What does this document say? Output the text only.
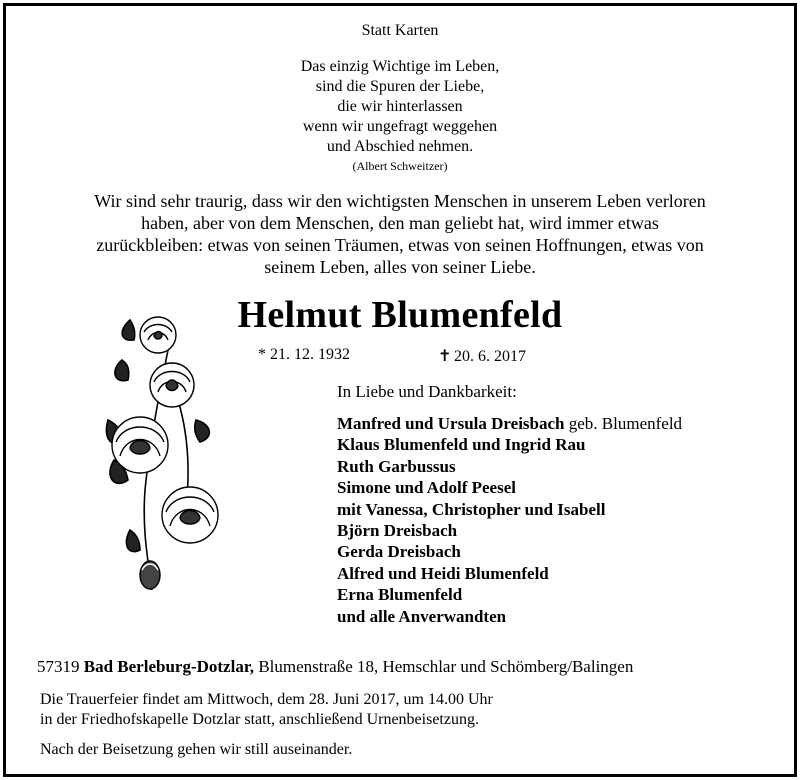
Statt Karten
Das einzig Wichtige im Leben,
sind die Spuren der Liebe,
die wir hinterlassen
wenn wir ungefragt weggehen
und Abschied nehmen.
(Albert Schweitzer)
Wir sind sehr traurig, dass wir den wichtigsten Menschen in unserem Leben verloren
haben, aber von dem Menschen, den man geliebt hat, wird immer etwas
zurückbleiben: etwas von seinen Träumen, etwas von seinen Hoffnungen, etwas von
seinem Leben, alles von seiner Liebe.
Helmut Blumenfeld
* 21. 12. 1932	✝ 20. 6. 2017
In Liebe und Dankbarkeit:
Manfred und Ursula Dreisbach geb. Blumenfeld
Klaus Blumenfeld und Ingrid Rau
Ruth Garbussus
Simone und Adolf Peesel
mit Vanessa, Christopher und Isabell
Björn Dreisbach
Gerda Dreisbach
Alfred und Heidi Blumenfeld
Erna Blumenfeld
und alle Anverwandten
57319 Bad Berleburg-Dotzlar, Blumenstraße 18, Hemschlar und Schömberg/Balingen
Die Trauerfeier findet am Mittwoch, dem 28. Juni 2017, um 14.00 Uhr
in der Friedhofskapelle Dotzlar statt, anschließend Urnenbeisetzung.
Nach der Beisetzung gehen wir still auseinander.
